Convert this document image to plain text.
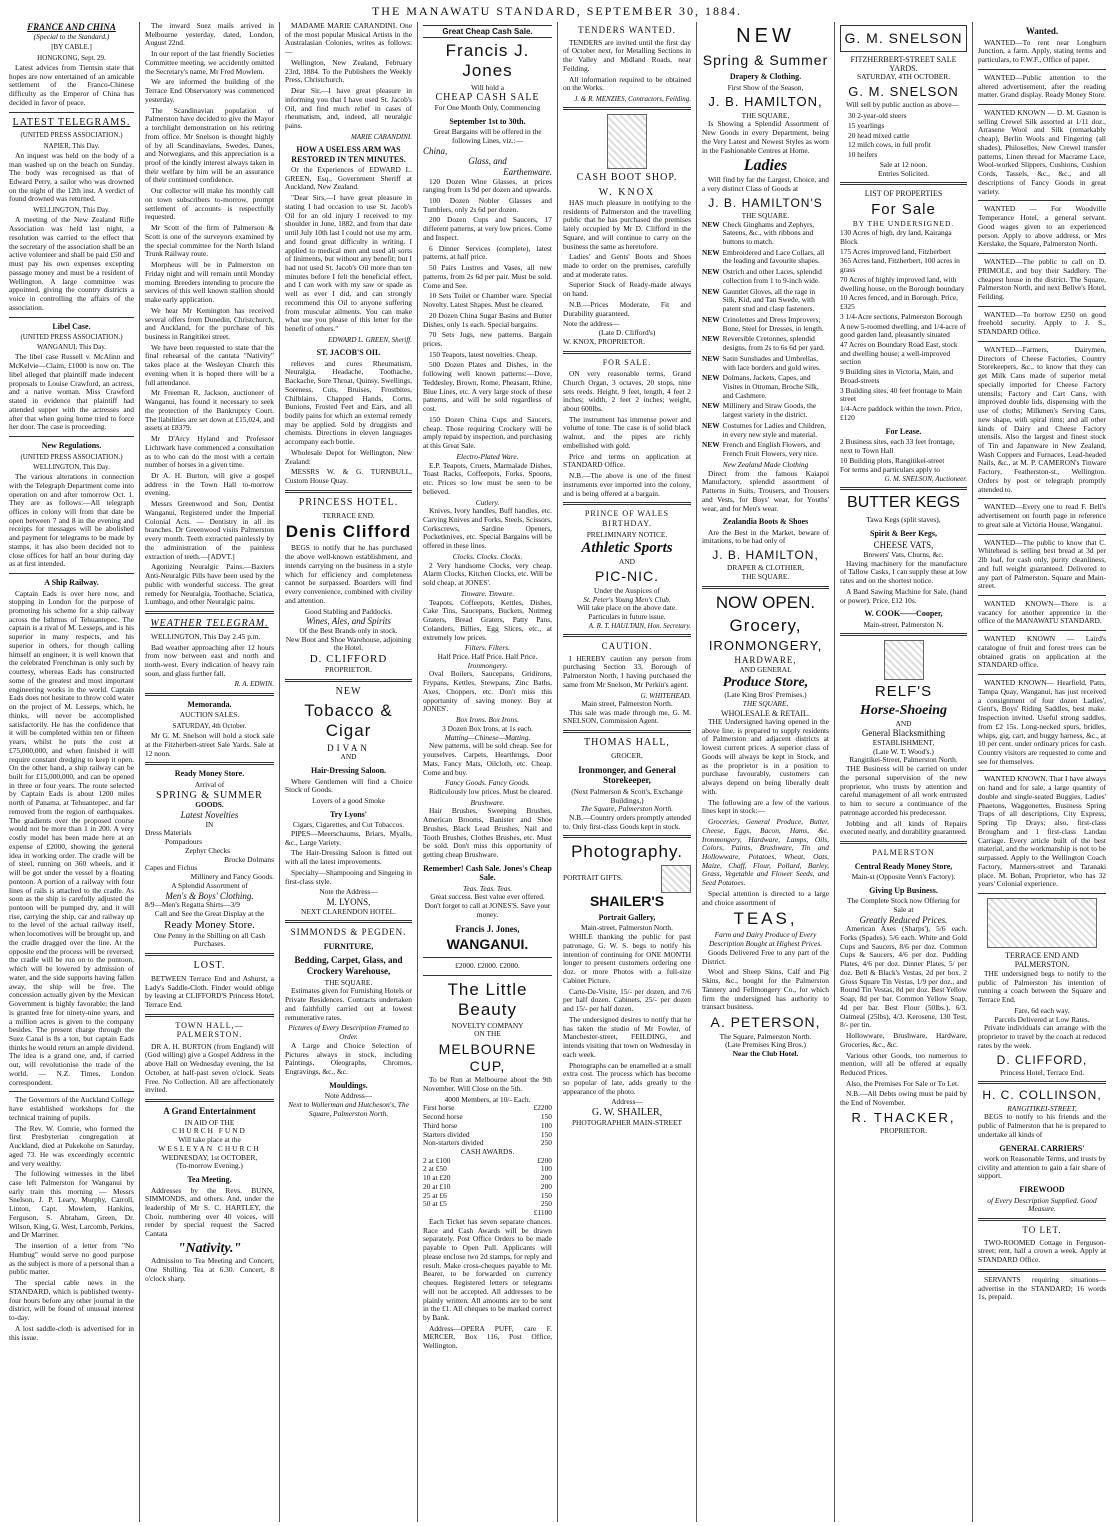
THE MANAWATU STANDARD, SEPTEMBER 30, 1884.
FRANCE AND CHINA
(Special to the Standard.)
[BY CABLE.]
HONGKONG, Sept. 29.

Latest advices from Tientsin state that hopes are now entertained of an amicable settlement of the Franco-Chinese difficulty as the Emperor of China has decided in favor of peace.

LATEST TELEGRAMS.
(UNITED PRESS ASSOCIATION.)
NAPIER, This Day.

An inquest was held on the body of a man washed up on the beach on Sunday. The body was recognised as that of Edward Perry, a sailor who was drowned on the night of the 12th inst. A verdict of found drowned was returned.

WELLINGTON, This Day.

A meeting of the New Zealand Rifle Association was held last night, a resolution was carried to the effect that the secretary of the association shall be an active volunteer and shall be paid £50 and must pay his own expenses excepting passage money and must be a resident of Wellington. A large committee was appointed, giving the country districts a voice in controlling the affairs of the association.

Libel Case.
(UNITED PRESS ASSOCIATION.)
WANGANUI, This Day.

The libel case Russell v. McAlinn and McKelvie—Claim, £1000 is now on. The libel alleged that plaintiff made indecent proposals to Louise Crawford, an actress, and a native woman. Miss Crawford stated in evidence that plaintiff had attended supper with the actresses and after that when going home tried to force her door. The case is proceeding.

New Regulations.
(UNITED PRESS ASSOCIATION.)
WELLINGTON, This Day.

The various alterations in connection with the Telegraph Department come into operation on and after tomorrow Oct. 1. They are as follows:—All telegraph offices in colony will from that date be open between 7 and 8 in the evening and receipts for messages will be abolished and payment for telegrams to be made by stamps, it has also been decided not to close offices for half an hour during day as at first intended.

A Ship Railway.

Captain Eads is over here now, and stopping in London for the purpose of promoting his scheme for a ship railway across the Isthmus of Tehuantepec. The captain is a rival of M. Lesseps, and is his superior in many respects, and his superior in others, for though calling himself an engineer, it is well known that the celebrated Frenchman is only such by courtesy, whereas Eads has constructed some of the greatest and most important engineering works in the world. Captain Eads does not hesitate to throw cold water on the project of M. Lesseps, which, he thinks, will never be accomplished satisfactorily. He has the confidence that it will be completed within ten or fifteen years, whilst he puts the cost at £75,000,000, and when finished it will require constant dredging to keep it open. On the other hand, a ship railway can be built for £15,000,000, and can be opened in three or four years. The route selected by Captain Eads is about 1200 miles north of Panama, at Tehuantepec, and far removed from the region of earthquakes. The gradients over the proposed course would not be more than 1 in 200. A very costly model has been made here at an expense of £2000, showing the general idea in working order. The cradle will be of steel, running on 360 wheels, and it will be got under the vessel by a floating pontoon. A portion of a railway with four lines of rails is attached to the cradle. As soon as the ship is carefully adjusted the pontoon will be pumped dry, and it will rise, carrying the ship, car and railway up to the level of the actual railway itself, when locomotives will be brought up, and the cradle dragged over the line. At the opposite end the process will be reversed; the cradle will be run on to the pontoon, which will be lowered by admission of water, and the side supports having fallen away, the ship will be free. The concession actually given by the Mexican Government is highly favorable; the land is granted free for ninety-nine years, and a million acres is given to the company besides. The present charge through the Suez Canal is 8s a ton, but captain Eads thinks he would return an ample dividend. The idea is a grand one, and, if carried out, will revolutionise the trade of the world. — N.Z. Times, London correspondent.

The Governors of the Auckland College have established workshops for the technical training of pupils.

The Rev. W. Comrie, who formed the first Presbyterian congregation at Auckland, died at Pukekohe on Saturday, aged 73. He was exceedingly eccentric and very wealthy.

The following witnesses in the libel case left Palmerston for Wanganui by early train this morning — Messrs Snelson, J. P. Leary, Murphy, Carroll, Linton, Capt. Mowlem, Hankins, Ferguson, S. Abraham, Green, Dr. Wilson, King, G. West, Larcomb, Perkins, and Dr Marriner.

The insertion of a letter from "No Humbug" would serve no good purpose as the subject is more of a personal than a public matter.

The special cable news in the STANDARD, which is published twenty-four hours before any other journal in the district, will be found of unusual interest to-day.

A lost saddle-cloth is advertised for in this issue.

The inward Suez mails arrived in Melbourne yesterday, dated, London, August 22nd.

In our report of the last friendly Societies Committee meeting, we accidently omitted the Secretary's name, Mr Fred Mowlem.

We are informed the building of the Terrace End Observatory was commenced yesterday.

The Scandinavian population of Palmerston have decided to give the Mayor a torchlight demonstration on his retiring from office. Mr Snelson is thought highly of by all Scandinavians, Swedes, Danes, and Norwegians, and this appreciation is a proof of the kindly interest always taken in their welfare by him will be an assurance of their continued confidence.

Our collector will make his monthly call on town subscribers to-morrow, prompt settlement of accounts is respectfully requested.

Mr Scott of the firm of Palmerson & Scott is one of the surveyors examined by the special committee for the North Island Trunk Railway route.

Morpheus will be in Palmerston on Friday night and will remain until Monday morning. Breeders intending to procure the services of this well known stallion should make early application.

We hear Mr Kemington has received several offers from Dunedin, Christchurch, and Auckland, for the purchase of his business in Rangitikei street.

We have been requested to state that the final rehearsal of the cantata "Nativity" takes place at the Wesleyan Church this evening when it is hoped there will be a full attendance.

Mr Freeman R. Jackson, auctioneer of Wanganui, has found it necessary to seek the protection of the Bankruptcy Court. The liabilities are set down at £15,024, and assets at £8379.

Mr D'Arcy Hyland and Professor Lichtwark have commenced a consultation as to who can do the most with a certain number of horses in a given time.

Dr A. H. Burton, will give a gospel address in the Town Hall to-morrow evening.

Messrs Greenwood and Son, Dentist Wanganui, Registered under the Imperial Colonial Acts. — Dentistry in all its branches. Dr Greenwood visits Palmerston every month. Teeth extracted painlessly by the administration of the painless extraction of teeth.—[ADVT.]

Agonizing Neuralgic Pains.—Baxters Anti-Neuralgic Pills have been used by the public with wonderful success. The great remedy for Neuralgia, Toothache, Sciatica, Lumbago, and other Neuralgic pains.

WEATHER TELEGRAM.

WELLINGTON, This Day 2.45 p.m.

Bad weather approaching after 12 hours from now between east and north and north-west. Every indication of heavy rain soon, and glass further fall.

R. A. EDWIN.
Memoranda.
AUCTION SALES.
SATURDAY, 4th October.

Mr G. M. Snelson will hold a stock sale at the Fitzherbert-street Sale Yards. Sale at 12 noon.

Ready Money Store.
Arrival of
SPRING & SUMMER
GOODS.
Latest Novelties
IN
Dress Materials
Pompadours
Zephyr Checks
Brocke Dolmans
Capes and Fichus
Millinery and Fancy Goods.
A Splendid Assortment of
Men's & Boys' Clothing.
8/9—Men's Regatta Shirts—3/9
Call and See the Great Display at the
Ready Money Store.
One Penny in the Shilling on all Cash Purchases.
LOST.

BETWEEN Terrace End and Ashurst, a Lady's Saddle-Cloth. Finder would oblige by leaving at CLIFFORD'S Princess Hotel, Terrace End.

TOWN HALL,—PALMERSTON.

DR A. H. BURTON (from England) will (God willing) give a Gospel Address in the above Hall on Wednesday evening, the 1st October, at half-past seven o'clock. Seats Free. No Collection. All are affectionately invited.

A Grand Entertainment
IN AID OF THE
CHURCH FUND
Will take place at the
WESLEYAN CHURCH
WEDNESDAY, 1st OCTOBER,
(To-morrow Evening.)
Tea Meeting.

Addresses by the Revs. BUNN, SIMMONDS, and others. And, under the leadership of Mr S. C. HARTLEY, the Choir, numbering over 40 voices, will render by special request the Sacred Cantata

"Nativity."

Admission to Tea Meeting and Concert, One Shilling. Tea at 6.30. Concert, 8 o'clock sharp.

MADAME MARIE CARANDINI. One of the most popular Musical Artists in the Australasian Colonies, writes as follows:—

Wellington, New Zealand, February 23rd, 1884. To the Publishers the Weekly Press, Christchurch.

Dear Sir,—I have great pleasure in informing you that I have used St. Jacob's Oil, and find much relief in cases of rheumatism, and, indeed, all neuralgic pains.

MARIE CARANDINI.
HOW A USELESS ARM WAS RESTORED IN TEN MINUTES.

Or the Experiences of EDWARD L. GREEN, Esq., Government Sheriff at Auckland, New Zealand.

"Dear Sirs,—I have great pleasure in stating I had occasion to use St. Jacob's Oil for an old injury I received to my shoulder in June, 1882, and from that date until July 10th last I could not use my arm, and found great difficulty in writing. I applied to medical men and used all sorts of liniments, but without any benefit; but I had not used St. Jacob's Oil more than ten minutes before I felt the beneficial effect, and I can work with my saw or spade as well as ever I did, and can strongly recommend this Oil to anyone suffering from muscular ailments. You can make what use you please of this letter for the benefit of others."

EDWARD L. GREEN, Sheriff.
ST. JACOB'S OIL

relieves and cures Rheumatism, Neuralgia, Headache, Toothache, Backache, Sore Throat, Quinsy, Swellings, Soreness, Cuts, Bruises, Frostbites, Chilblains, Chapped Hands, Corns, Bunions, Frosted Feet and Ears, and all bodily pains for which an external remedy may be applied. Sold by druggists and chemists. Directions in eleven languages accompany each bottle.

Wholesale Depot for Wellington, New Zealand:

MESSRS W. & G. TURNBULL, Custom House Quay.

PRINCESS HOTEL.
TERRACE END.
Denis Clifford

BEGS to notify that he has purchased the above well-known establishment, and intends carrying on the business in a style which for efficiency and completeness cannot be surpassed. Boarders will find every convenience, combined with civility and attention.

Good Stabling and Paddocks.
Wines, Ales, and Spirits
Of the Best Brands only in stock.
New Boot and Shoe Warehouse, adjoining the Hotel.
D. CLIFFORD
PROPRIETOR.
NEW
Tobacco & Cigar
DIVAN
AND
Hair-Dressing Saloon.

Where Gentlemen will find a Choice Stock of Goods.

Lovers of a good Smoke
Try Lyons'
Cigars, Cigarettes, and Cut Tobaccos.

PIPES—Meerschaums, Briars, Myalls, &c., Large Variety.

The Hair-Dressing Saloon is fitted out with all the latest improvements.

Specialty—Shampooing and Singeing in first-class style.

Note the Address—
M. LYONS,
NEXT CLARENDON HOTEL.
SIMMONDS & PEGDEN.
FURNITURE,
Bedding, Carpet, Glass, and Crockery Warehouse,
THE SQUARE.

Estimates given for Furnishing Hotels or Private Residences. Contracts undertaken and faithfully carried out at lowest remunerative rates.

Pictures of Every Description Framed to Order.

A Large and Choice Selection of Pictures always in stock, including Paintings, Oleographs, Chromos, Engravings, &c., &c.

Mouldings.
Note Address—
Next to Wollerman and Hutcheson's, The Square, Palmerston North.
Great Cheap Cash Sale.
Francis J. Jones
Will hold a
CHEAP CASH SALE
For One Month Only, Commencing
September 1st to 30th.
Great Bargains will be offered in the following Lines, viz.:—
China,
Glass, and
Earthenware.

120 Dozen Wine Glasses, at prices ranging from 1s 9d per dozen and upwards.

100 Dozen Nobler Glasses and Tumblers, only 2s 6d per dozen.

200 Dozen Cups and Saucers, 17 different patterns, at very low prices. Come and Inspect.

6 Dinner Services (complete), latest patterns, at half price.

50 Pairs Lustres and Vases, all new patterns, from 2s 6d per pair. Must be sold. Come and See.

10 Sets Toilet or Chamber ware. Special Novelty. Latest Shapes. Must be cleared.

20 Dozen China Sugar Basins and Butter Dishes, only 1s each. Special bargains.

70 Sets Jugs, new patterns. Bargain prices.

150 Teapots, latest novelties. Cheap.

500 Dozen Plates and Dishes, in the following well known patterns:—Dove, Teddesley, Brown, Rome, Pheasant, Rhine, Blue Lines, etc. A very large stock of these patterns, and will be sold regardless of cost.

150 Dozen China Cups and Saucers, cheap. Those requiring Crockery will be amply repaid by inspection, and purchasing at this Great Sale.

Electro-Plated Ware.

E.P. Teapots, Cruets, Marmalade Dishes, Toast Racks, Coffeepots, Forks, Spoons, etc. Prices so low must be seen to be believed.

Cutlery.

Knives, Ivory handles, Buff handles, etc. Carving Knives and Forks, Steels, Scissors, Corkscrews, Sardine Openers, Pocketknives, etc. Special Bargains will be offered in these lines.

Clocks. Clocks. Clocks.

2 Very handsome Clocks, very cheap. Alarm Clocks, Kitchen Clocks, etc. Will be sold cheap, at JONES'.

Tinware. Tinware.

Teapots, Coffeepots, Kettles, Dishes, Cake Tins, Saucepans, Buckets, Nutmeg Graters, Bread Graters, Patty Pans, Colanders, Billies, Egg Slices, etc., at extremely low prices.

Filters. Filters.
Half Price. Half Price. Half Price.
Ironmongery.

Oval Boilers, Saucepans, Gridirons, Frypans, Kettles, Stewpans, Zinc Baths, Axes, Choppers, etc. Don't miss this opportunity of saving money. Buy at JONES'.

Box Irons. Box Irons.
3 Dozen Box Irons, at 1s each.
Matting—Chinese—Matting.

New patterns, will be sold cheap. See for yourselves. Carpets, Hearthrugs, Door Mats, Fancy Mats, Oilcloth, etc. Cheap. Come and buy.

Fancy Goods. Fancy Goods.

Ridiculously low prices. Must be cleared.

Brushware.

Hair Brushes, Sweeping Brushes, American Brooms, Banister and Shoe Brushes, Black Lead Brushes, Nail and Tooth Brushes, Clothes Brushes, etc. Must be sold. Don't miss this opportunity of getting cheap Brushware.

Remember! Cash Sale. Jones's Cheap Sale.
Teas. Teas. Teas.
Great success. Best value ever offered.
Don't forget to call at JONES'S. Save your money.
Francis J. Jones,
WANGANUI.
£2000. £2000. £2000.
The Little Beauty
NOVELTY COMPANY
ON THE
MELBOURNE CUP,

To be Run at Melbourne about the 9th November. Will Close on the 5th.

4000 Members, at 10/- Each.
First horse	£2200
Second horse	150
Third horse	100
Starters divided	150
Non-starters divided	250
CASH AWARDS.
2 at £100	£200
2 at £50	100
10 at £20	200
20 at £10	200
25 at £6	150
50 at £5	250
£1100

Each Ticket has seven separate chances. Race and Cash Awards will be drawn separately. Post Office Orders to be made payable to Open Pull. Applicants will please enclose two 2d stamps, for reply and result. Make cross-cheques payable to Mr. Bearer, to be forwarded on currency cheques. Registered letters or telegrams will not be accepted. All addresses to be plainly written. All amounts are to be sent in the £1. All cheques to be marked correct by Bank.

Address—OPERA PUFF, care F. MERCER, Box 116, Post Office, Wellington.

TENDERS WANTED.

TENDERS are invited until the first day of October next, for Metalling Sections in the Valley and Midland Roads, near Feilding.

All information required to be obtained on the Works.

J. & R. MENZIES, Contractors, Feilding.
CASH BOOT SHOP.
W. KNOX

HAS much pleasure in notifying to the residents of Palmerston and the travelling public that he has purchased the premises lately occupied by Mr D. Clifford in the Square, and will continue to carry on the business the same as heretofore.

Ladies' and Gents' Boots and Shoes made to order on the premises, carefully and at moderate rates.

Superior Stock of Ready-made always on hand.

N.B.—Prices Moderate, Fit and Durability guaranteed.

Note the address—
(Late D. Clifford's)
W. KNOX, PROPRIETOR.
FOR SALE.

ON very reasonable terms, Grand Church Organ, 3 octaves, 20 stops, nine sets reeds. Height, 9 feet, length, 4 feet 2 inches; width, 2 feet 2 inches; weight, about 600lbs.

The instrument has immense power and volume of tone. The case is of solid black walnut, and the pipes are richly embellished with gold.

Price and terms on application at STANDARD Office.

N.B.—The above is one of the finest instruments ever imported into the colony, and is being offered at a bargain.

PRINCE OF WALES BIRTHDAY.
PRELIMINARY NOTICE.
Athletic Sports
AND
PIC-NIC.
Under the Auspices of
St. Peter's Young Men's Club.
Will take place on the above date.
Particulars in future issue.
A. R. T. HAULTAIN, Hon. Secretary.
CAUTION.

I HEREBY caution any person from purchasing Section 33, Borough of Palmerston North, I having purchased the same from Mr Snelson, Mr Perkin's agent.

G. WHITEHEAD.
Main street, Palmerston North.

This sale was made through me, G. M. SNELSON, Commission Agent.

THOMAS HALL,
GROCER,
Ironmonger, and General Storekeeper,
(Next Palmerson & Scott's, Exchange Buildings,)
The Square, Palmerston North.

N.B.—Country orders promptly attended to. Only first-class Goods kept in stock.

Photography.
PORTRAIT GIFTS.
SHAILER'S
Portrait Gallery,
Main-street, Palmerston North.

WHILE thanking the public for past patronage, G. W. S. begs to notify his intention of continuing for ONE MONTH longer to present customers ordering one doz. or more Photos with a full-size Cabinet Picture.

Carte-De-Visite, 15/- per dozen, and 7/6 per half dozen. Cabinets, 25/- per dozen and 15/- per half dozen.

The undersigned desires to notify that he has taken the studio of Mr Fowler, of Manchester-street, FEILDING, and intends visiting that town on Wednesday in each week.

Photographs can be enamelled at a small extra cost. The process which has become so popular of late, adds greatly to the appearance of the photo.

Address—
G. W. SHAILER,
PHOTOGRAPHER MAIN-STREET
NEW
Spring & Summer
Drapery & Clothing.
First Show of the Season,
J. B. HAMILTON,
THE SQUARE,

Is Showing a Splendid Assortment of New Goods in every Department, being the Very Latest and Newest Styles as worn in the Fashionable Centres at Home.

Ladies

Will find by far the Largest, Choice, and a very distinct Class of Goods at

J. B. HAMILTON'S
THE SQUARE.
NEW Check Ginghams and Zephyrs, Sateens, &c., with ribbons and buttons to match.
NEW Embroidered and Lace Collars, all the leading and favourite shapes.
NEW Ostrich and other Laces, splendid collection from 1 to 9-inch wide.
NEW Gauntlet Gloves, all the rage in Silk, Kid, and Tan Swede, with patent stud and clasp fasteners.
NEW Crinolettes and Dress Improvers; Bone, Steel for Dresses, in length.
NEW Reversible Cretonnes, splendid designs, from 2s to 6s 6d per yard.
NEW Satin Sunshades and Umbrellas, with lace borders and gold wires.
NEW Dolmans, Jackets, Capes, and Visites in Ottoman, Broche Silk, and Cashmere.
NEW Millinery and Straw Goods, the largest variety in the district.
NEW Costumes for Ladies and Children, in every new style and material.
NEW French and English Flowers, and French Fruit Flowers, very nice.
New Zealand Made Clothing

Direct from the famous Kaiapoi Manufactory, splendid assortment of Patterns in Suits, Trousers, and Trousers and Vests, for Boys' wear, for Youths' wear, and for Men's wear.

Zealandia Boots & Shoes

Are the Best in the Market, beware of imitations, to be had only of

J. B. HAMILTON,
DRAPER & CLOTHIER,
THE SQUARE.
NOW OPEN.
Grocery,
IRONMONGERY,
HARDWARE,
AND GENERAL
Produce Store,
(Late King Bros' Premises.)
THE SQUARE,
WHOLESALE & RETAIL.

THE Undersigned having opened in the above line, is prepared to supply residents of Palmerston and adjacent districts at lowest current prices. A superior class of Goods will always be kept in Stock, and as the proprietor is in a position to purchase favourably, customers can always depend on being liberally dealt with.

The following are a few of the various lines kept in stock:—

Groceries, General Produce, Butter, Cheese, Eggs, Bacon, Hams, &c. Ironmongery, Hardware, Lamps, Oils, Colors, Paints, Brushware, Tin and Hollowware, Potatoes, Wheat, Oats, Maize, Chaff, Flour, Pollard, Barley, Grass, Vegetable and Flower Seeds, and Seed Potatoes.

Special attention is directed to a large and choice assortment of

TEAS,
Farm and Dairy Produce of Every Description Bought at Highest Prices.

Goods Delivered Free to any part of the District.

Wool and Sheep Skins, Calf and Pig Skins, &c., bought for the Palmerston Tannery and Fellmongery Co., for which firm the undersigned has authority to transact business.

A. PETERSON,
The Square, Palmerston North.
(Late Premises King Bros.)
Near the Club Hotel.
G. M. SNELSON
FITZHERBERT-STREET SALE YARDS.
SATURDAY, 4TH OCTOBER.
G. M. SNELSON

Will sell by public auction as above—

30 2-year-old steers
15 yearlings
20 head mixed cattle
12 milch cows, in full profit
10 heifers
Sale at 12 noon.
Entries Solicited.
LIST OF PROPERTIES
For Sale
BY THE UNDERSIGNED.
130 Acres of high, dry land, Kairanga Block
175 Acres improved land, Fitzherbert
365 Acres land, Fitzherbert, 100 acres in grass
70 Acres of highly improved land, with dwelling house, on the Borough boundary
10 Acres fenced, and in Borough. Price, £325
3 1/4-Acre sections, Palmerston Borough
A new 5-roomed dwelling, and 1/4-acre of good garden land, pleasantly situated
47 Acres on Boundary Road East, stock and dwelling house; a well-improved section
9 Building sites in Victoria, Main, and Broad-streets
3 Building sites, 40 feet frontage to Main street
1/4-Acre paddock within the town. Price, £120
For Lease.
2 Business sites, each 33 feet frontage, next to Town Hall
10 Building plots, Rangitikei-street
For terms and particulars apply to
G. M. SNELSON, Auctioneer.
BUTTER KEGS
Tawa Kegs (split staves),
Spirit & Beer Kegs,
CHEESE VATS,
Brewers' Vats, Churns, &c.

Having machinery for the manufacture of Tallow Casks, I can supply these at low rates and on the shortest notice.

A Band Sawing Machine for Sale, (hand or power). Price, £12 10s.

W. COOK——Cooper,
Main-street, Palmerston N.
RELF'S
Horse-Shoeing
AND
General Blacksmithing
ESTABLISHMENT,
(Late W. T. Wood's.)
Rangitikei-Street, Palmerston North.

THE Business will be carried on under the personal supervision of the new proprietor, who trusts by attention and careful management of all work entrusted to him to secure a continuance of the patronage accorded his predecessor.

Jobbing and all kinds of Repairs executed neatly, and durability guaranteed.

PALMERSTON
Central Ready Money Store,
Main-st (Opposite Venn's Factory).
Giving Up Business.
The Complete Stock now Offering for Sale at
Greatly Reduced Prices.

American Axes (Sharps'), 5/6 each. Forks (Spades), 5/6 each. White and Gold Cups and Saucers, 8/6 per doz. Common Cups & Saucers, 4/6 per doz. Pudding Plates, 4/6 per doz. Dinner Plates, 5/ per doz. Bell & Black's Vestas, 2d per box. 2 Gross Square Tin Vestas, 1/9 per doz., and Round Tin Vestas, 8d per doz. Best Yellow Soap, 8d per bar. Common Yellow Soap, 4d per bar. Best Flour (50lbs.), 6/3. Oatmeal (25lbs), 4/3. Kerosene, 130 Test, 8/- per tin.

Hollowware, Brushware, Hardware, Groceries, &c., &c.

Various other Goods, too numerous to mention, will all be offered at equally Reduced Prices.

Also, the Premises For Sale or To Let.

N.B.—All Debts owing must be paid by the End of November.

R. THACKER,
PROPRIETOR.
Wanted.

WANTED—To rent near Longburn Junction, a farm. Apply, stating terms and particulars, to F.W.F., Office of paper.

WANTED—Public attention to the altered advertisement, after the reading matter. Grand display. Ready Money Store.

WANTED KNOWN — D. M. Gasnon is selling Crewel Silk assorted at 1/11 doz., Arrasene Wool and Silk (remarkably cheap), Berlin Wools and Fingering (all shades), Philoselles, New Crewel transfer patterns, Linen thread for Macrame Lace, Wool-worked Slippers, Cushions, Cushion Cords, Tassels, &c., &c., and all descriptions of Fancy Goods in great variety.

WANTED — For Woodville Temperance Hotel, a general servant. Good wages given to an experienced person. Apply to above address, or Mrs Kerslake, the Square, Palmerston North.

WANTED—The public to call on D. PRIMOLE, and buy their Saddlery. The cheapest house in the district. The Square, Palmerston North, and next Bellve's Hotel, Feilding.

WANTED—To borrow £250 on good freehold security. Apply to J. S., STANDARD Office.

WANTED—Farmers, Dairymen, Directors of Cheese Factories, Country Storekeepers, &c., to know that they can get Milk Cans made of superior metal specially imported for Cheese Factory utensils; Factory and Cart Cans, with improved double lids, dispensing with the use of cloths; Milkmen's Serving Cans, new shape, with spiral rims; and all other kinds of Dairy and Cheese Factory utensils. Also the largest and finest stock of Tin and Japanware in New Zealand, Wash Coppers and Furnaces, Lead-headed Nails, &c., at M. P. CAMERON's Tinware Factory, Featherston-st., Wellington. Orders by post or telegraph promptly attended to.

WANTED—Every one to read F. Bell's advertisement on fourth page in reference to great sale at Victoria House, Wanganui.

WANTED—The public to know that C. Whitehead is selling best bread at 3d per 2lb loaf, for cash only, purity cleanliness, and full weight guaranteed. Delivered to any part of Palmerston. Square and Main-street.

WANTED KNOWN—There is a vacancy for another apprentice in the office of the MANAWATU STANDARD.

WANTED KNOWN — Laird's catalogue of fruit and forest trees can be obtained gratis on application at the STANDARD office.

WANTED KNOWN— Hearfield, Patts, Tampa Quay, Wanganui, has just received a consignment of four dozen Ladies', Gent's, Boys' Riding Saddles, best make. Inspection invited. Useful strong saddles, from £2 15s. Long-necked spurs, bridles, whips, gig, cart, and buggy harness, &c., at 10 per cent. under ordinary prices for cash. Country visitors are requested to come and see for themselves.

WANTED KNOWN. That I have always on hand and for sale, a large quantity of double and single-seated Buggies, Ladies' Phaetons, Waggonettes, Business Spring Traps of all descriptions, City Express, Spring Tip Drays; also, first-class Brougham and 1 first-class Landau Carriage. Every article built of the best material, and the workmanship is not to be surpassed. Apply to the Wellington Coach Factory, Manners-street and Taranaki place. M. Bohan, Proprietor, who has 32 years' Colonial experience.

TERRACE END AND PALMERSTON.

THE undersigned begs to notify to the public of Palmerston his intention of running a coach between the Square and Terrace End.

Fare, 6d each way.
Parcels Delivered at Low Rates.

Private individuals can arrange with the proprietor to travel by the coach at reduced rates by the week.

D. CLIFFORD,
Princess Hotel, Terrace End.
H. C. COLLINSON,
RANGITIKEI-STREET,

BEGS to notify to his friends and the public of Palmerston that he is prepared to undertake all kinds of

GENERAL CARRIERS'

work on Reasonable Terms, and trusts by civility and attention to gain a fair share of support.

FIREWOOD
of Every Description Supplied. Good Measure.
TO LET.

TWO-ROOMED Cottage in Ferguson-street; rent, half a crown a week. Apply at STANDARD Office.

SERVANTS requiring situations—advertise in the STANDARD; 16 words 1s, prepaid.
